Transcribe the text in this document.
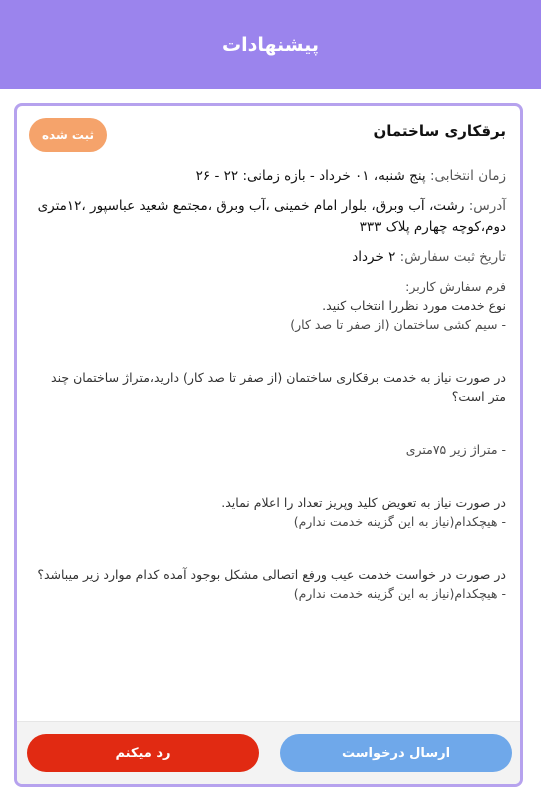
پیشنهادات
ثبت شده	برقکاری ساختمان

زمان انتخابی: پنج شنبه، ۰۱ خرداد - بازه زمانی: ۲۲ - ۲۶

آدرس: رشت، آب وبرق، بلوار امام خمینی ،آب وبرق ،مجتمع شعید عباسپور ،۱۲متری دوم،کوچه چهارم پلاک ۳۳۳

تاریخ ثبت سفارش: ۲ خرداد

فرم سفارش کاربر:
نوع خدمت مورد نظررا انتخاب کنید.
- سیم کشی ساختمان (از صفر تا صد کار)
در صورت نیاز به خدمت برقکاری ساختمان (از صفر تا صد کار) دارید،متراژ ساختمان چند متر است؟
- متراژ زیر ۷۵متری
در صورت نیاز به تعویض کلید وپریز تعداد را اعلام نماید.
- هیچکدام(نیاز به این گزینه خدمت ندارم)
در صورت در خواست خدمت عیب ورفع اتصالی مشکل بوجود آمده کدام موارد زیر میباشد؟
- هیچکدام(نیاز به این گزینه خدمت ندارم)
رد میکنم	ارسال درخواست
